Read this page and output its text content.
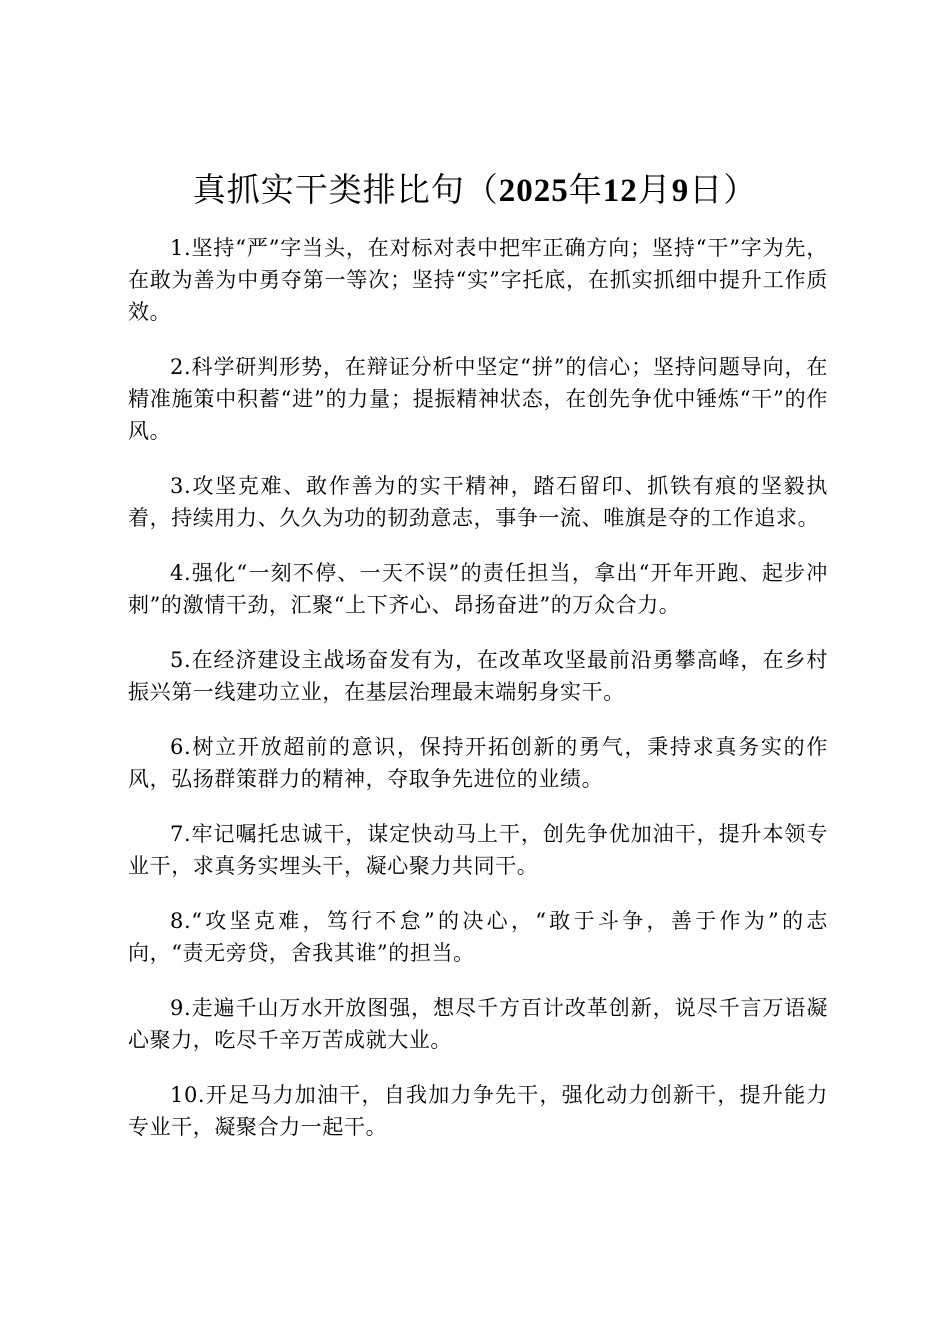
真抓实干类排比句（2025年12月9日）

1.坚持“严”字当头，在对标对表中把牢正确方向；坚持“干”字为先，在敢为善为中勇夺第一等次；坚持“实”字托底，在抓实抓细中提升工作质效。

2.科学研判形势，在辩证分析中坚定“拼”的信心；坚持问题导向，在精准施策中积蓄“进”的力量；提振精神状态，在创先争优中锤炼“干”的作风。

3.攻坚克难、敢作善为的实干精神，踏石留印、抓铁有痕的坚毅执着，持续用力、久久为功的韧劲意志，事争一流、唯旗是夺的工作追求。

4.强化“一刻不停、一天不误”的责任担当，拿出“开年开跑、起步冲刺”的激情干劲，汇聚“上下齐心、昂扬奋进”的万众合力。

5.在经济建设主战场奋发有为，在改革攻坚最前沿勇攀高峰，在乡村振兴第一线建功立业，在基层治理最末端躬身实干。

6.树立开放超前的意识，保持开拓创新的勇气，秉持求真务实的作风，弘扬群策群力的精神，夺取争先进位的业绩。

7.牢记嘱托忠诚干，谋定快动马上干，创先争优加油干，提升本领专业干，求真务实埋头干，凝心聚力共同干。

8.“攻坚克难，笃行不怠”的决心，“敢于斗争，善于作为”的志向，“责无旁贷，舍我其谁”的担当。

9.走遍千山万水开放图强，想尽千方百计改革创新，说尽千言万语凝心聚力，吃尽千辛万苦成就大业。

10.开足马力加油干，自我加力争先干，强化动力创新干，提升能力专业干，凝聚合力一起干。
